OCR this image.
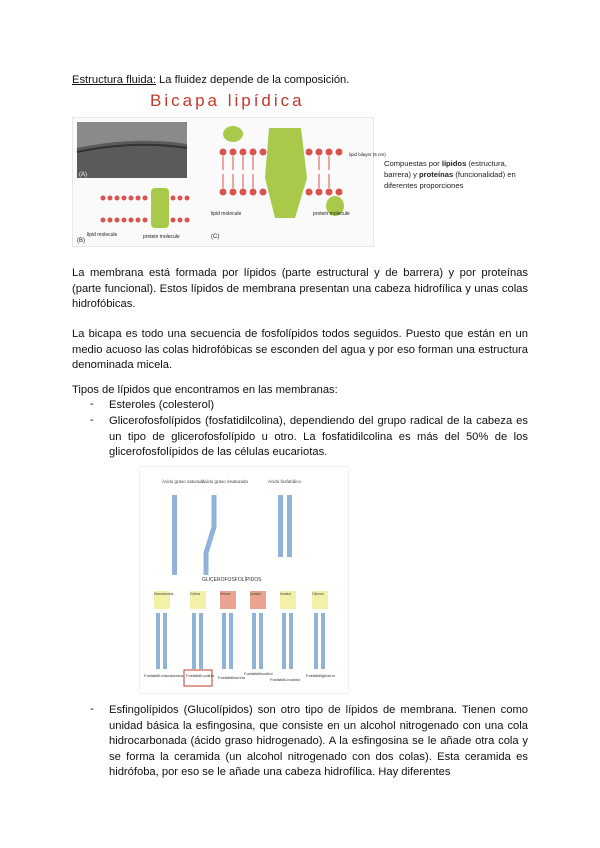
Estructura fluida: La fluidez depende de la composición.
Bicapa lipídica
(A)
(B)
lipid molecule	protein molecule	(C)
lipid molecule	protein molecule
lipid bilayer (5 nm)
Compuestas por lípidos (estructura, barrera) y proteínas (funcionalidad) en diferentes proporciones
La membrana está formada por lípidos (parte estructural y de barrera) y por proteínas (parte funcional). Estos lípidos de membrana presentan una cabeza hidrofílica y unas colas hidrofóbicas.
La bicapa es todo una secuencia de fosfolípidos todos seguidos. Puesto que están en un medio acuoso las colas hidrofóbicas se esconden del agua y por eso forman una estructura denominada micela.
Tipos de lípidos que encontramos en las membranas:
- Esteroles (colesterol)
- Glicerofosfolípidos (fosfatidilcolina), dependiendo del grupo radical de la cabeza es un tipo de glicerofosfolípido u otro. La fosfatidilcolina es más del 50% de los glicerofosfolípidos de las células eucariotas.
Ácido graso saturado
Ácido graso insaturado	Ácido fosfatídico
GLICEROFOSFOLÍPIDOS
Etanolamina	Colina	Serina	Inositol	Inositol	Glicerol
Fosfatidil-etanolamina Fosfatidil-colina Fosfatidilserina
Fosfatidilinositol
Fosfatidil-inositol
Fosfatidilglicerol
- Esfingolípidos (Glucolípidos) son otro tipo de lípidos de membrana. Tienen como unidad básica la esfingosina, que consiste en un alcohol nitrogenado con una cola hidrocarbonada (ácido graso hidrogenado). A la esfingosina se le añade otra cola y se forma la ceramida (un alcohol nitrogenado con dos colas). Esta ceramida es hidrófoba, por eso se le añade una cabeza hidrofílica. Hay diferentes
